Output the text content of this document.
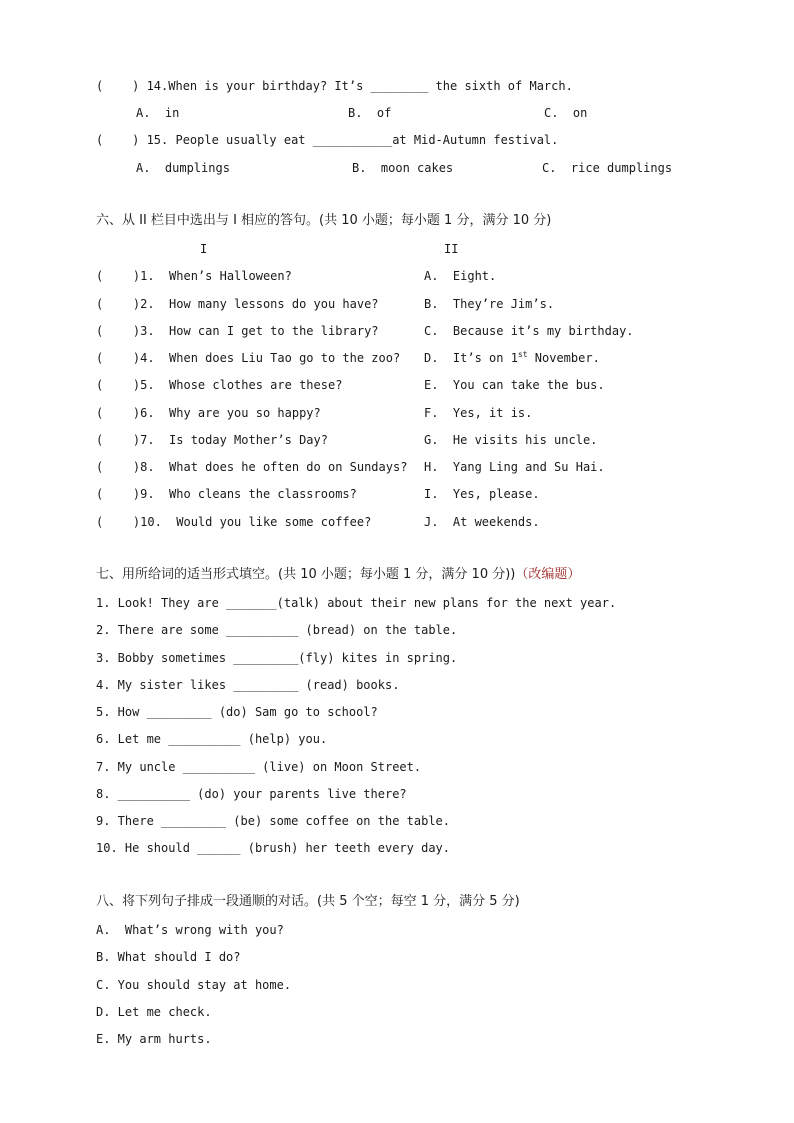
(    ) 14.When is your birthday? It’s ________ the sixth of March.
A.  in	B.  of	C.  on
(    ) 15. People usually eat ___________at Mid-Autumn festival.
A.  dumplings	B.  moon cakes	C.  rice dumplings
六、从 II 栏目中选出与 I 相应的答句。(共 10 小题；每小题 1 分，满分 10 分)
I	II
( )1.  When’s Halloween?	A.  Eight.
( )2.  How many lessons do you have?	B.  They’re Jim’s.
( )3.  How can I get to the library?	C.  Because it’s my birthday.
( )4.  When does Liu Tao go to the zoo? D.  It’s on 1st November.
( )5.  Whose clothes are these?	E.  You can take the bus.
( )6.  Why are you so happy?	F.  Yes, it is.
( )7.  Is today Mother’s Day?	G.  He visits his uncle.
( )8.  What does he often do on Sundays? H.  Yang Ling and Su Hai.
( )9.  Who cleans the classrooms?	I.  Yes, please.
( )10.  Would you like some coffee?	J.  At weekends.
七、用所给词的适当形式填空。(共 10 小题；每小题 1 分，满分 10 分))（改编题）
1. Look! They are _______(talk) about their new plans for the next year.
2. There are some __________ (bread) on the table.
3. Bobby sometimes _________(fly) kites in spring.
4. My sister likes _________ (read) books.
5. How _________ (do) Sam go to school?
6. Let me __________ (help) you.
7. My uncle __________ (live) on Moon Street.
8. __________ (do) your parents live there?
9. There _________ (be) some coffee on the table.
10. He should ______ (brush) her teeth every day.
八、将下列句子排成一段通顺的对话。(共 5 个空；每空 1 分，满分 5 分)
A.  What’s wrong with you?
B. What should I do?
C. You should stay at home.
D. Let me check.
E. My arm hurts.
